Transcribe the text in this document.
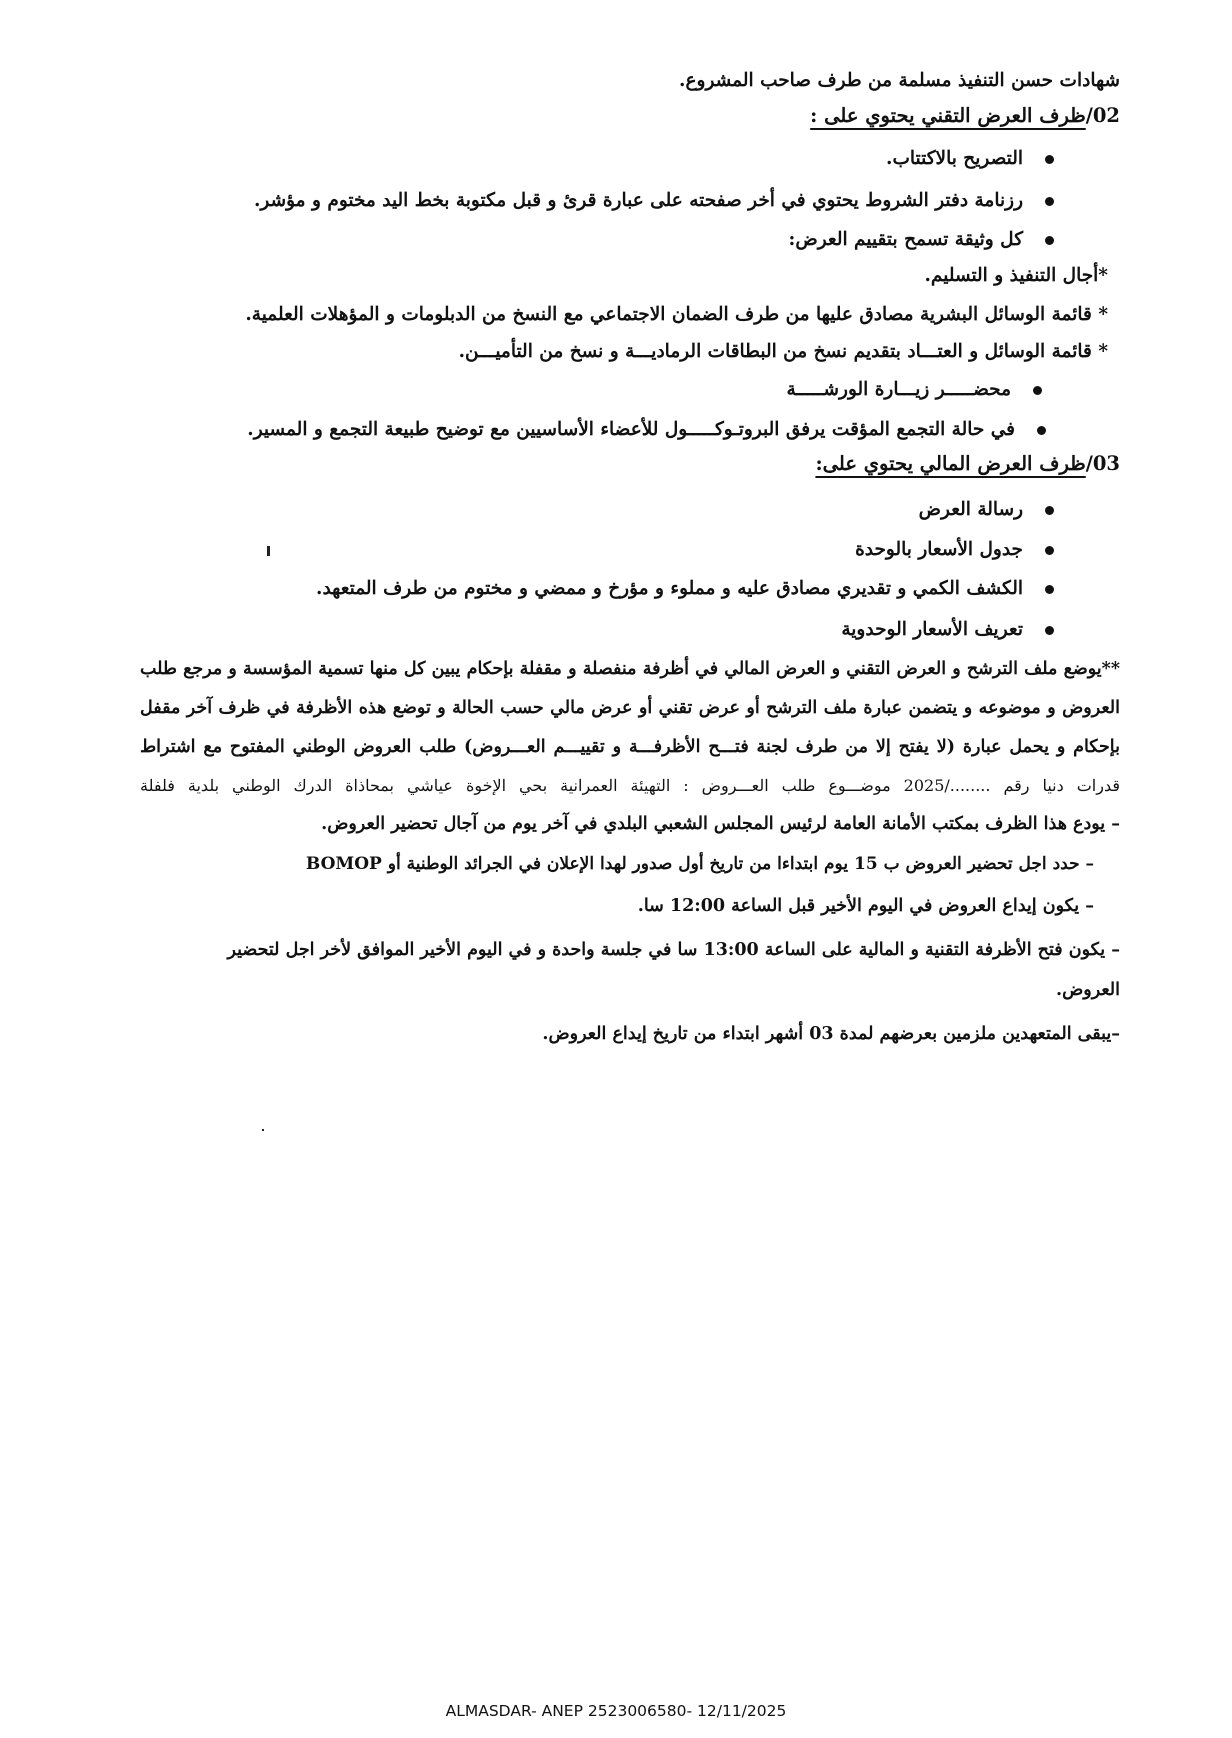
شهادات حسن التنفيذ مسلمة من طرف صاحب المشروع.
02/ظرف العرض التقني يحتوي على :
التصريح بالاكتتاب.
رزنامة دفتر الشروط يحتوي في أخر صفحته على عبارة قرئ و قبل مكتوبة بخط اليد مختوم و مؤشر.
كل وثيقة تسمح بتقييم العرض:
*أجال التنفيذ و التسليم.
* قائمة الوسائل البشرية مصادق عليها من طرف الضمان الاجتماعي مع النسخ من الدبلومات و المؤهلات العلمية.
* قائمة الوسائل و العتـــاد بتقديم نسخ من البطاقات الرماديـــة و نسخ من التأميـــن.
محضـــــر زيـــارة الورشـــــة
في حالة التجمع المؤقت يرفق البروتـوكـــــول للأعضاء الأساسيين مع توضيح طبيعة التجمع و المسير.
03/ظرف العرض المالي يحتوي على:
رسالة العرض
جدول الأسعار بالوحدة
الكشف الكمي و تقديري مصادق عليه و مملوء و مؤرخ و ممضي و مختوم من طرف المتعهد.
تعريف الأسعار الوحدوية
**يوضع ملف الترشح و العرض التقني و العرض المالي في أظرفة منفصلة و مقفلة بإحكام يبين كل منها تسمية المؤسسة و مرجع طلب
العروض و موضوعه و يتضمن عبارة ملف الترشح أو عرض تقني أو عرض مالي حسب الحالة و توضع هذه الأظرفة في ظرف آخر مقفل
بإحكام و يحمل عبارة (لا يفتح إلا من طرف لجنة فتـــح الأظرفـــة و تقييـــم العـــروض) طلب العروض الوطني المفتوح مع اشتراط
قدرات دنيا رقم ......../2025 موضـــوع طلب العـــروض : التهيئة العمرانية بحي الإخوة عياشي بمحاذاة الدرك الوطني بلدية فلفلة
– يودع هذا الظرف بمكتب الأمانة العامة لرئيس المجلس الشعبي البلدي في آخر يوم من آجال تحضير العروض.
– حدد اجل تحضير العروض ب 15 يوم ابتداءا من تاريخ أول صدور لهدا الإعلان في الجرائد الوطنية أو BOMOP
– يكون إيداع العروض في اليوم الأخير قبل الساعة 12:00 سا.
– يكون فتح الأظرفة التقنية و المالية على الساعة 13:00 سا في جلسة واحدة و في اليوم الأخير الموافق لأخر اجل لتحضير
العروض.
–يبقى المتعهدين ملزمين بعرضهم لمدة 03 أشهر ابتداء من تاريخ إيداع العروض.
ALMASDAR- ANEP 2523006580- 12/11/2025
